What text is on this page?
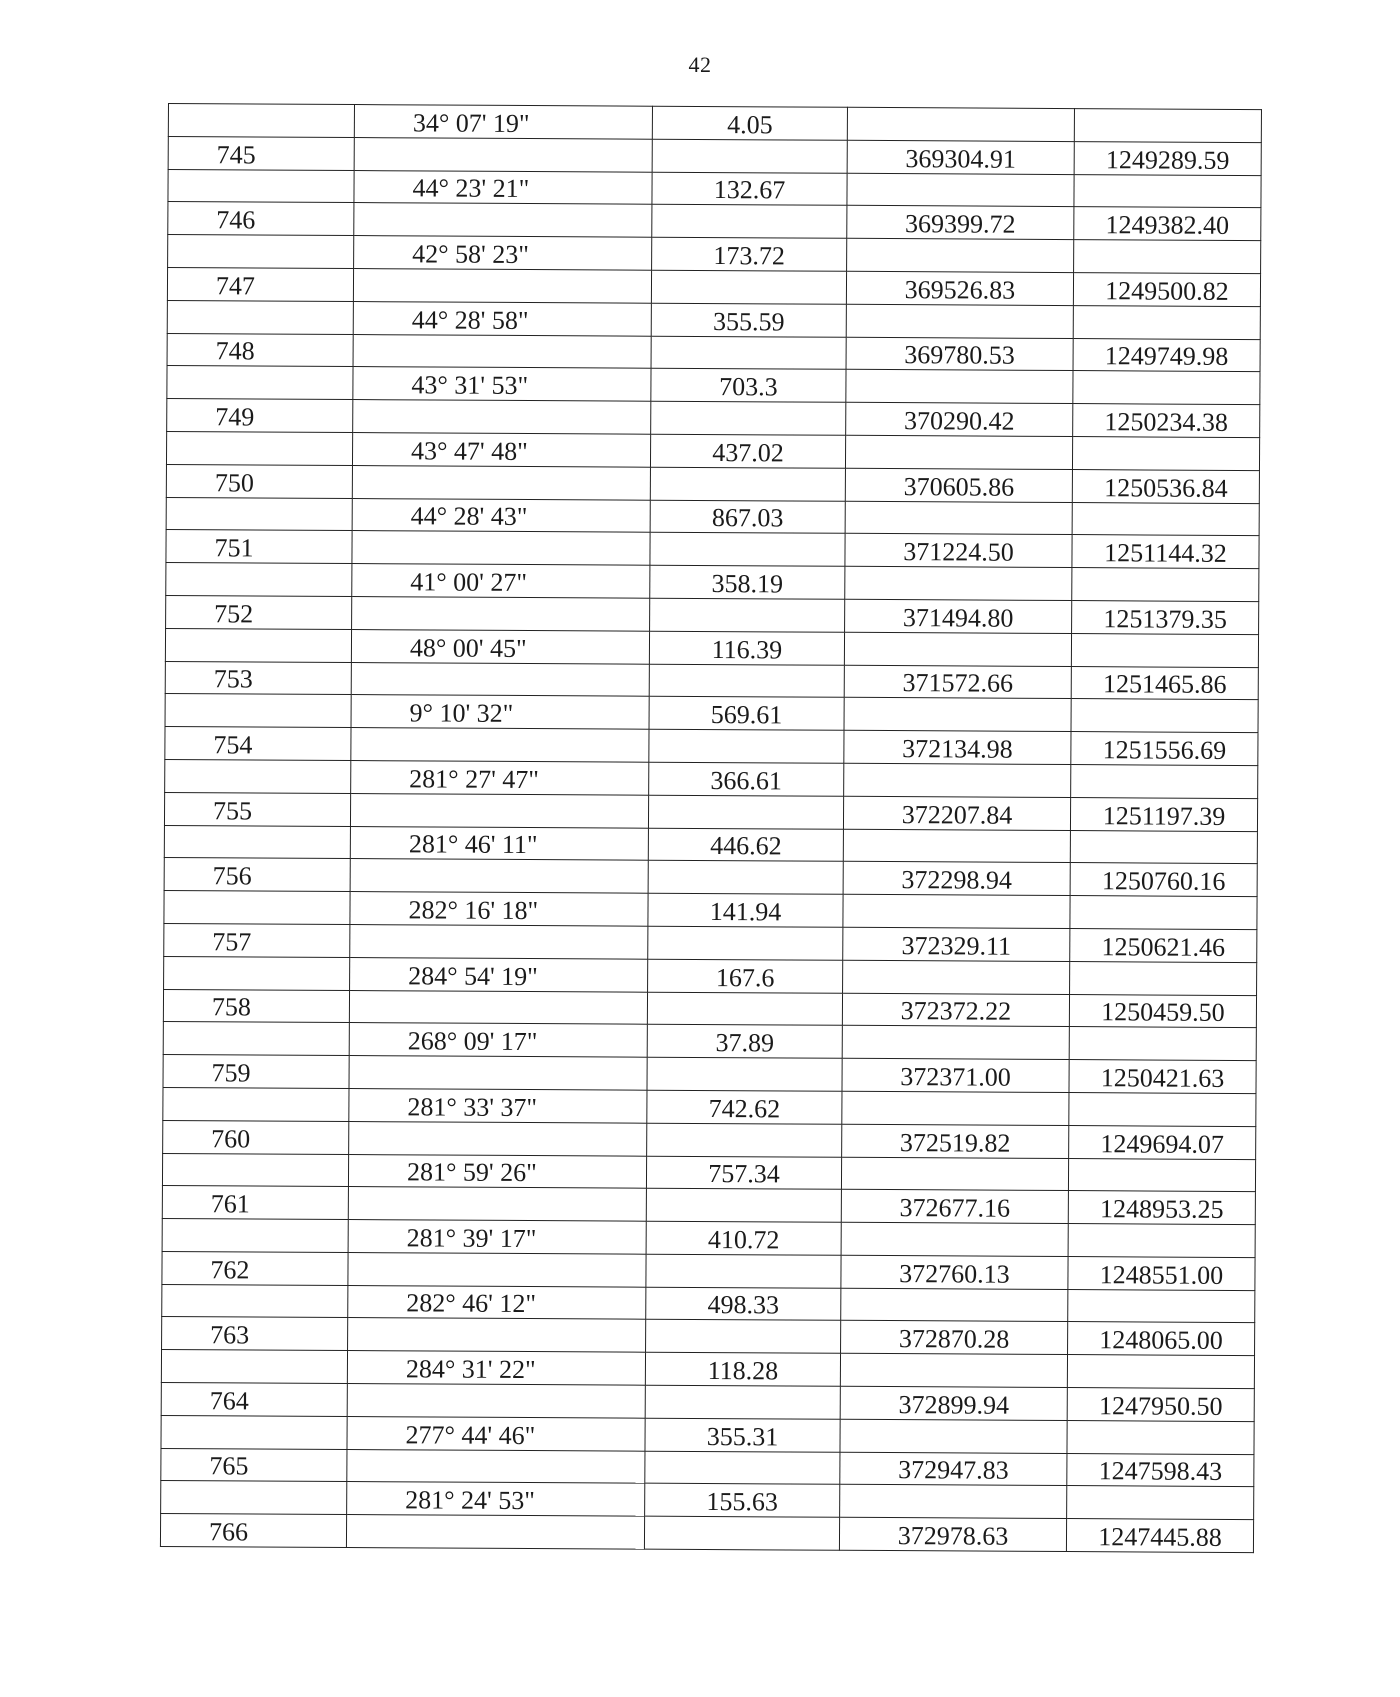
42
	34° 07' 19"	4.05		
745			369304.91	1249289.59
	44° 23' 21"	132.67		
746			369399.72	1249382.40
	42° 58' 23"	173.72		
747			369526.83	1249500.82
	44° 28' 58"	355.59		
748			369780.53	1249749.98
	43° 31' 53"	703.3		
749			370290.42	1250234.38
	43° 47' 48"	437.02		
750			370605.86	1250536.84
	44° 28' 43"	867.03		
751			371224.50	1251144.32
	41° 00' 27"	358.19		
752			371494.80	1251379.35
	48° 00' 45"	116.39		
753			371572.66	1251465.86
	9° 10' 32"	569.61		
754			372134.98	1251556.69
	281° 27' 47"	366.61		
755			372207.84	1251197.39
	281° 46' 11"	446.62		
756			372298.94	1250760.16
	282° 16' 18"	141.94		
757			372329.11	1250621.46
	284° 54' 19"	167.6		
758			372372.22	1250459.50
	268° 09' 17"	37.89		
759			372371.00	1250421.63
	281° 33' 37"	742.62		
760			372519.82	1249694.07
	281° 59' 26"	757.34		
761			372677.16	1248953.25
	281° 39' 17"	410.72		
762			372760.13	1248551.00
	282° 46' 12"	498.33		
763			372870.28	1248065.00
	284° 31' 22"	118.28		
764			372899.94	1247950.50
	277° 44' 46"	355.31		
765			372947.83	1247598.43
	281° 24' 53"	155.63		
766			372978.63	1247445.88
